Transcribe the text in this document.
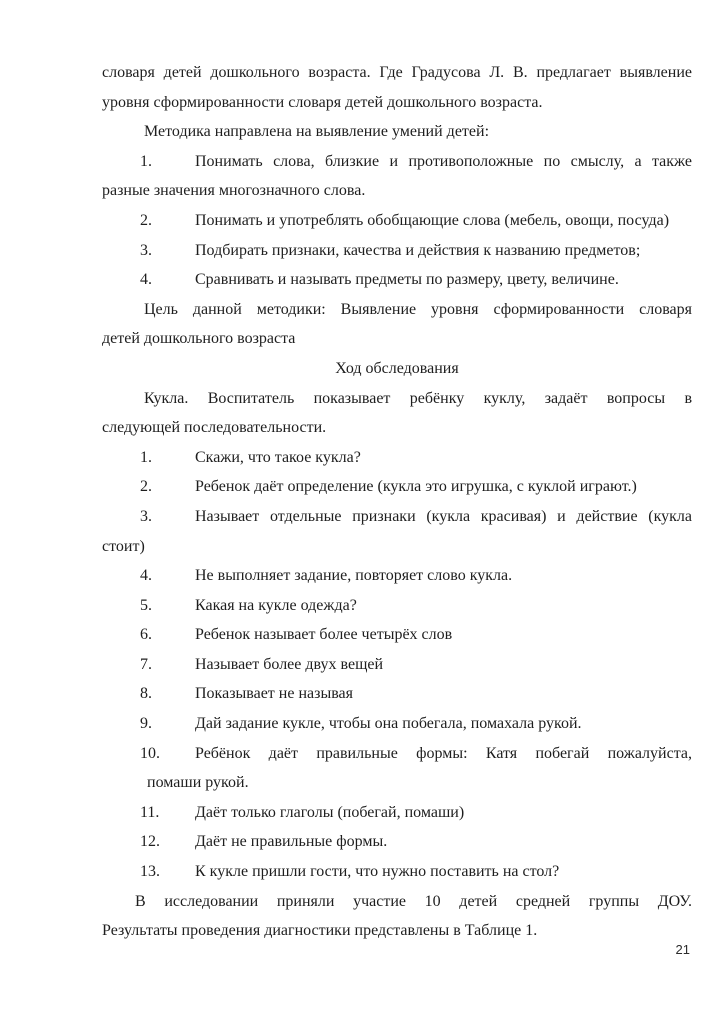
словаря детей дошкольного возраста. Где Градусова Л. В. предлагает выявление
уровня сформированности словаря детей дошкольного возраста.

Методика направлена на выявление умений детей:

1.	Понимать слова, близкие и противоположные по смыслу, а также
разные значения многозначного слова.

2.	Понимать и употреблять обобщающие слова (мебель, овощи, посуда)

3.	Подбирать признаки, качества и действия к названию предметов;

4.	Сравнивать и называть предметы по размеру, цвету, величине.

Цель данной методики: Выявление уровня сформированности словаря
детей дошкольного возраста

Ход обследования

Кукла. Воспитатель показывает ребёнку куклу, задаёт вопросы в
следующей последовательности.

1.	Скажи, что такое кукла?

2.	Ребенок даёт определение (кукла это игрушка, с куклой играют.)

3.	Называет отдельные признаки (кукла красивая) и действие (кукла
стоит)

4.	Не выполняет задание, повторяет слово кукла.

5.	Какая на кукле одежда?

6.	Ребенок называет более четырёх слов

7.	Называет более двух вещей

8.	Показывает не называя

9.	Дай задание кукле, чтобы она побегала, помахала рукой.

10. Ребёнок даёт правильные формы: Катя побегай пожалуйста,
помаши рукой.

11. Даёт только глаголы (побегай, помаши)

12. Даёт не правильные формы.

13. К кукле пришли гости, что нужно поставить на стол?

В исследовании приняли участие 10 детей средней группы ДОУ.
Результаты проведения диагностики представлены в Таблице 1.

21
